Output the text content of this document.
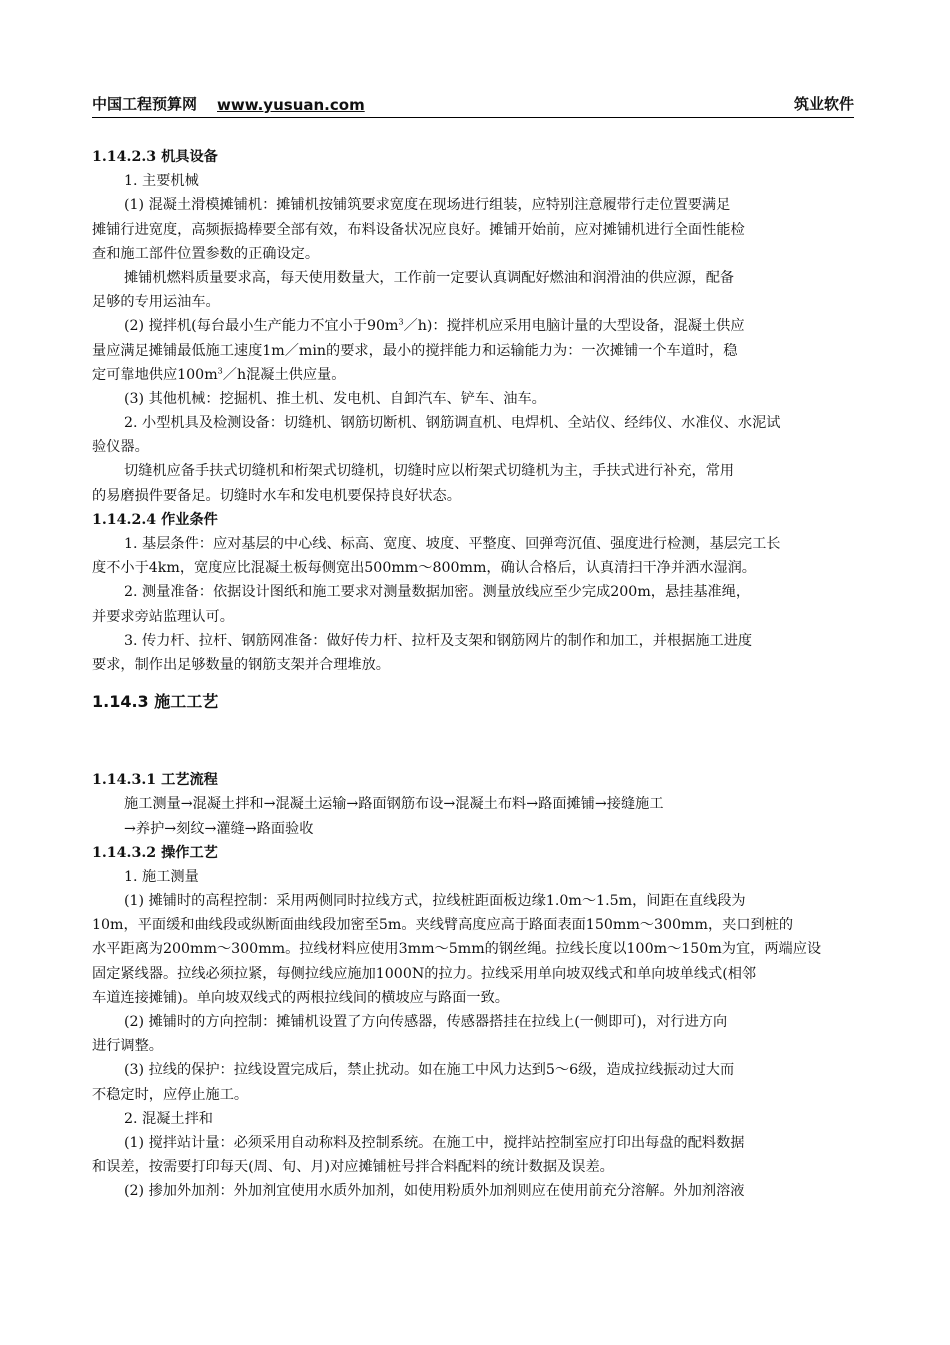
中国工程预算网 www.yusuan.com	筑业软件
1.14.2.3 机具设备
1. 主要机械
(1) 混凝土滑模摊铺机：摊铺机按铺筑要求宽度在现场进行组装，应特别注意履带行走位置要满足
摊铺行进宽度，高频振捣棒要全部有效，布料设备状况应良好。摊铺开始前，应对摊铺机进行全面性能检
查和施工部件位置参数的正确设定。
摊铺机燃料质量要求高，每天使用数量大，工作前一定要认真调配好燃油和润滑油的供应源，配备
足够的专用运油车。
(2) 搅拌机(每台最小生产能力不宜小于$90m^3/h$)：搅拌机应采用电脑计量的大型设备，混凝土供应
量应满足摊铺最低施工速度1m／min的要求，最小的搅拌能力和运输能力为：一次摊铺一个车道时，稳
定可靠地供应$100m^3/h$混凝土供应量。
(3) 其他机械：挖掘机、推土机、发电机、自卸汽车、铲车、油车。
2. 小型机具及检测设备：切缝机、钢筋切断机、钢筋调直机、电焊机、全站仪、经纬仪、水准仪、水泥试
验仪器。
切缝机应备手扶式切缝机和桁架式切缝机，切缝时应以桁架式切缝机为主，手扶式进行补充，常用
的易磨损件要备足。切缝时水车和发电机要保持良好状态。
1.14.2.4 作业条件
1. 基层条件：应对基层的中心线、标高、宽度、坡度、平整度、回弹弯沉值、强度进行检测，基层完工长
度不小于4km，宽度应比混凝土板每侧宽出500mm～800mm，确认合格后，认真清扫干净并洒水湿润。
2. 测量准备：依据设计图纸和施工要求对测量数据加密。测量放线应至少完成200m，悬挂基准绳，
并要求旁站监理认可。
3. 传力杆、拉杆、钢筋网准备：做好传力杆、拉杆及支架和钢筋网片的制作和加工，并根据施工进度
要求，制作出足够数量的钢筋支架并合理堆放。
1.14.3 施工工艺
1.14.3.1 工艺流程
施工测量→混凝土拌和→混凝土运输→路面钢筋布设→混凝土布料→路面摊铺→接缝施工
→养护→刻纹→灌缝→路面验收
1.14.3.2 操作工艺
1. 施工测量
(1) 摊铺时的高程控制：采用两侧同时拉线方式，拉线桩距面板边缘1.0m～1.5m，间距在直线段为
10m，平面缓和曲线段或纵断面曲线段加密至5m。夹线臂高度应高于路面表面150mm～300mm，夹口到桩的
水平距离为200mm～300mm。拉线材料应使用3mm～5mm的钢丝绳。拉线长度以100m～150m为宜，两端应设
固定紧线器。拉线必须拉紧，每侧拉线应施加1000N的拉力。拉线采用单向坡双线式和单向坡单线式(相邻
车道连接摊铺)。单向坡双线式的两根拉线间的横坡应与路面一致。
(2) 摊铺时的方向控制：摊铺机设置了方向传感器，传感器搭挂在拉线上(一侧即可)，对行进方向
进行调整。
(3) 拉线的保护：拉线设置完成后，禁止扰动。如在施工中风力达到5～6级，造成拉线振动过大而
不稳定时，应停止施工。
2. 混凝土拌和
(1) 搅拌站计量：必须采用自动称料及控制系统。在施工中，搅拌站控制室应打印出每盘的配料数据
和误差，按需要打印每天(周、旬、月)对应摊铺桩号拌合料配料的统计数据及误差。
(2) 掺加外加剂：外加剂宜使用水质外加剂，如使用粉质外加剂则应在使用前充分溶解。外加剂溶液
